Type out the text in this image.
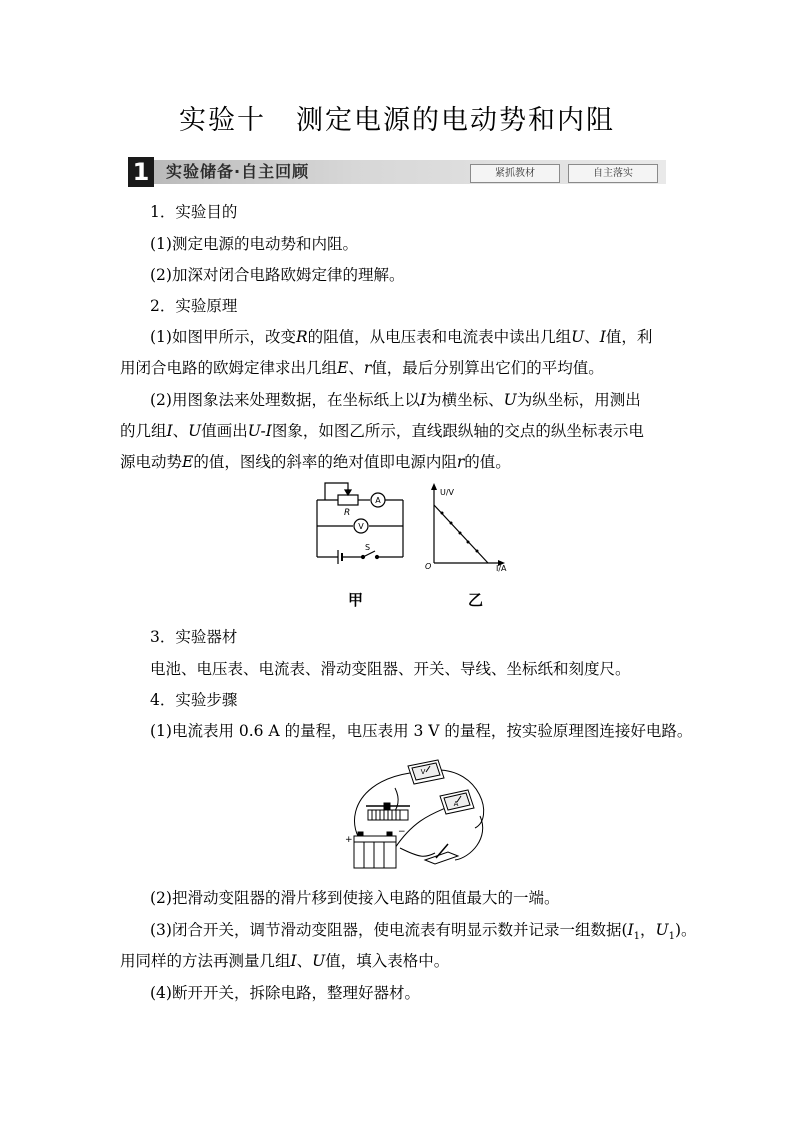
实验十 测定电源的电动势和内阻
1 实验储备·自主回顾	紧抓教材	自主落实
1．实验目的
(1)测定电源的电动势和内阻。
(2)加深对闭合电路欧姆定律的理解。
2．实验原理
(1)如图甲所示，改变R的阻值，从电压表和电流表中读出几组U、I值，利
用闭合电路的欧姆定律求出几组E、r值，最后分别算出它们的平均值。
(2)用图象法来处理数据，在坐标纸上以I为横坐标、U为纵坐标，用测出
的几组I、U值画出U-I图象，如图乙所示，直线跟纵轴的交点的纵坐标表示电
源电动势E的值，图线的斜率的绝对值即电源内阻r的值。
R
A
V
S
U/V
I/A
O
甲	乙
3．实验器材
电池、电压表、电流表、滑动变阻器、开关、导线、坐标纸和刻度尺。
4．实验步骤
(1)电流表用 0.6 A 的量程，电压表用 3 V 的量程，按实验原理图连接好电路。
V
A
+
−
(2)把滑动变阻器的滑片移到使接入电路的阻值最大的一端。
(3)闭合开关，调节滑动变阻器，使电流表有明显示数并记录一组数据($I_1$，$U_1$)。
用同样的方法再测量几组I、U值，填入表格中。
(4)断开开关，拆除电路，整理好器材。
